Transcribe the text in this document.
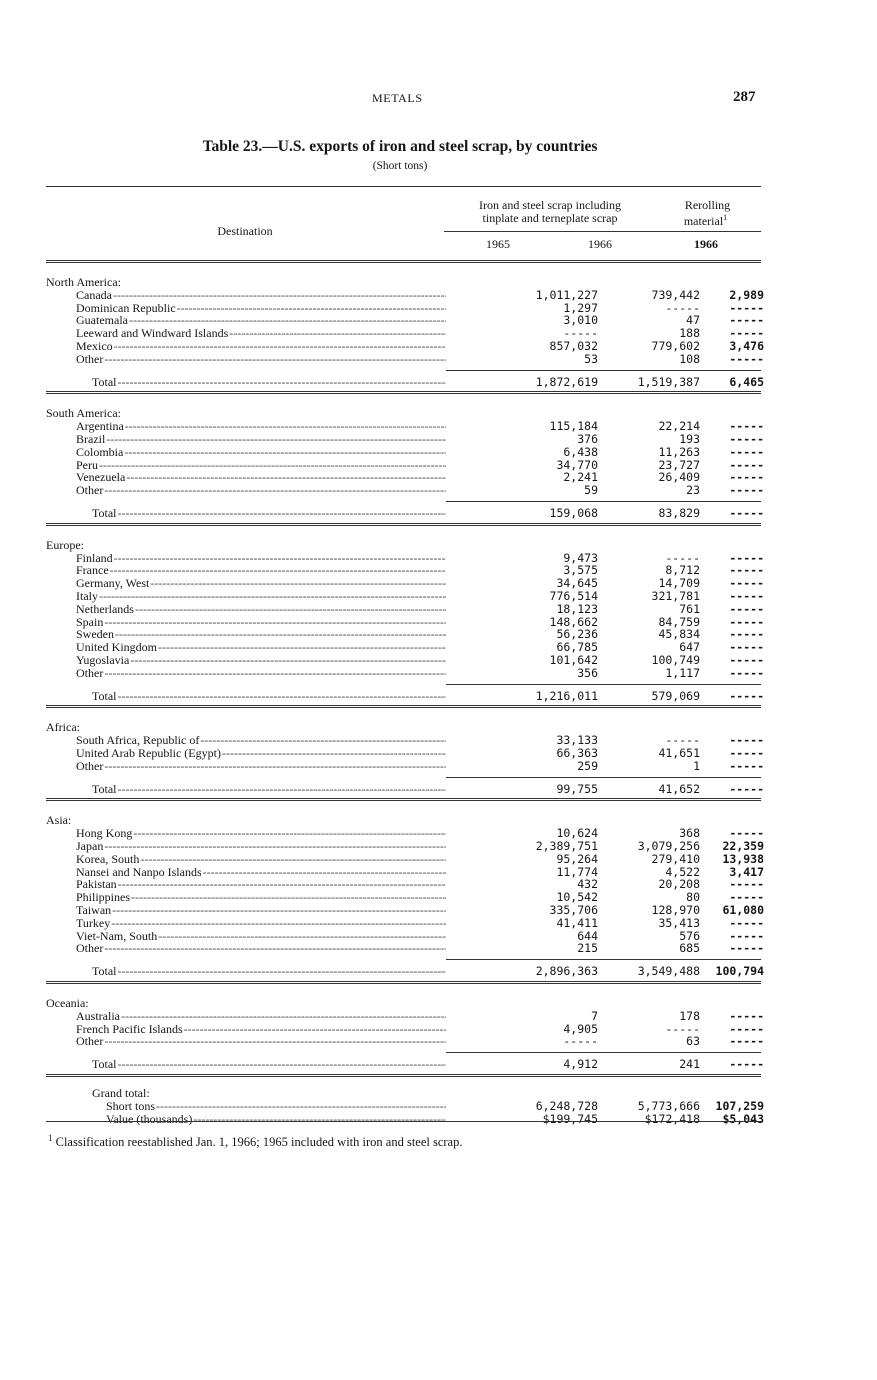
METALS	287
Table 23.—U.S. exports of iron and steel scrap, by countries
(Short tons)
Destination
Iron and steel scrap including
tinplate and terneplate scrap
Rerolling
material$^1$
1965	1966	1966
North America:
Canada -----	1,011,227	739,442	2,989
Dominican Republic -----	1,297	-----	-----
Guatemala -----	3,010	47	-----
Leeward and Windward Islands -----	-----	188	-----
Mexico -----	857,032	779,602	3,476
Other -----	53	108	-----
Total -----	1,872,619	1,519,387	6,465
South America:
Argentina -----	115,184	22,214	-----
Brazil -----	376	193	-----
Colombia -----	6,438	11,263	-----
Peru -----	34,770	23,727	-----
Venezuela -----	2,241	26,409	-----
Other -----	59	23	-----
Total -----	159,068	83,829	-----
Europe:
Finland -----	9,473	-----	-----
France -----	3,575	8,712	-----
Germany, West -----	34,645	14,709	-----
Italy -----	776,514	321,781	-----
Netherlands -----	18,123	761	-----
Spain -----	148,662	84,759	-----
Sweden -----	56,236	45,834	-----
United Kingdom -----	66,785	647	-----
Yugoslavia -----	101,642	100,749	-----
Other -----	356	1,117	-----
Total -----	1,216,011	579,069	-----
Africa:
South Africa, Republic of -----	33,133	-----	-----
United Arab Republic (Egypt) -----	66,363	41,651	-----
Other -----	259	1	-----
Total -----	99,755	41,652	-----
Asia:
Hong Kong -----	10,624	368	-----
Japan -----	2,389,751	3,079,256	22,359
Korea, South -----	95,264	279,410	13,938
Nansei and Nanpo Islands -----	11,774	4,522	3,417
Pakistan -----	432	20,208	-----
Philippines -----	10,542	80	-----
Taiwan -----	335,706	128,970	61,080
Turkey -----	41,411	35,413	-----
Viet-Nam, South -----	644	576	-----
Other -----	215	685	-----
Total -----	2,896,363	3,549,488	100,794
Oceania:
Australia -----	7	178	-----
French Pacific Islands -----	4,905	-----	-----
Other -----	-----	63	-----
Total -----	4,912	241	-----
Grand total:
Short tons -----	6,248,728	5,773,666	107,259
Value (thousands) -----	$199,745	$172,418	$5,043
$^1$ Classification reestablished Jan. 1, 1966; 1965 included with iron and steel scrap.
